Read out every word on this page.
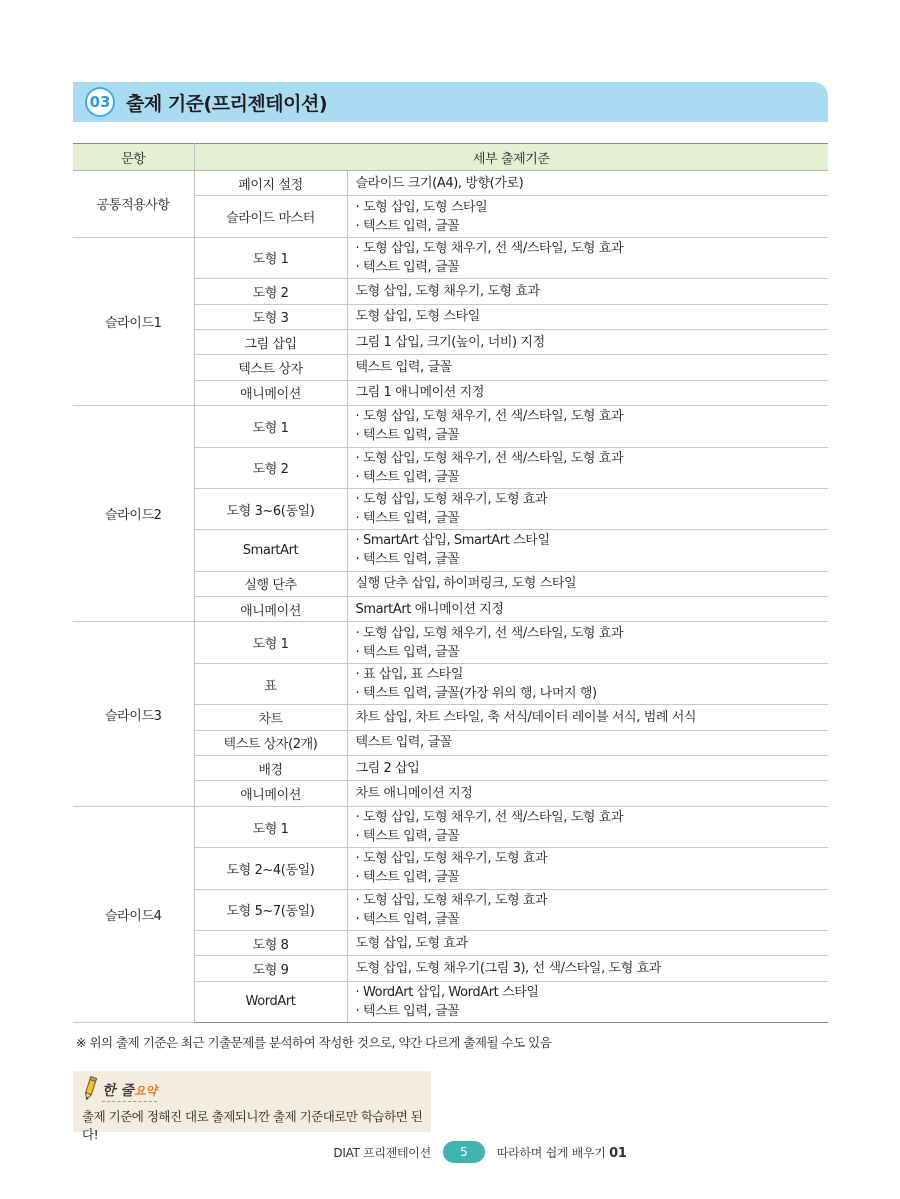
03 출제 기준(프리젠테이션)
문항	세부 출제기준	
공통적용사항	페이지 설정	슬라이드 크기(A4), 방향(가로)

	슬라이드 마스터	· 도형 삽입, 도형 스타일
· 텍스트 입력, 글꼴

슬라이드1	도형 1	· 도형 삽입, 도형 채우기, 선 색/스타일, 도형 효과
· 텍스트 입력, 글꼴

	도형 2	도형 삽입, 도형 채우기, 도형 효과

	도형 3	도형 삽입, 도형 스타일

	그림 삽입	그림 1 삽입, 크기(높이, 너비) 지정

	텍스트 상자	텍스트 입력, 글꼴

	애니메이션	그림 1 애니메이션 지정

슬라이드2	도형 1	· 도형 삽입, 도형 채우기, 선 색/스타일, 도형 효과
· 텍스트 입력, 글꼴

	도형 2	· 도형 삽입, 도형 채우기, 선 색/스타일, 도형 효과
· 텍스트 입력, 글꼴

	도형 3~6(동일)	· 도형 삽입, 도형 채우기, 도형 효과
· 텍스트 입력, 글꼴

	SmartArt	· SmartArt 삽입, SmartArt 스타일
· 텍스트 입력, 글꼴

	실행 단추	실행 단추 삽입, 하이퍼링크, 도형 스타일

	애니메이션	SmartArt 애니메이션 지정

슬라이드3	도형 1	· 도형 삽입, 도형 채우기, 선 색/스타일, 도형 효과
· 텍스트 입력, 글꼴

	표	· 표 삽입, 표 스타일
· 텍스트 입력, 글꼴(가장 위의 행, 나머지 행)

	차트	차트 삽입, 차트 스타일, 축 서식/데이터 레이블 서식, 범례 서식

	텍스트 상자(2개)	텍스트 입력, 글꼴

	배경	그림 2 삽입

	애니메이션	차트 애니메이션 지정

슬라이드4	도형 1	· 도형 삽입, 도형 채우기, 선 색/스타일, 도형 효과
· 텍스트 입력, 글꼴

	도형 2~4(동일)	· 도형 삽입, 도형 채우기, 도형 효과
· 텍스트 입력, 글꼴

	도형 5~7(동일)	· 도형 삽입, 도형 채우기, 도형 효과
· 텍스트 입력, 글꼴

	도형 8	도형 삽입, 도형 효과

	도형 9	도형 삽입, 도형 채우기(그림 3), 선 색/스타일, 도형 효과

	WordArt	· WordArt 삽입, WordArt 스타일
· 텍스트 입력, 글꼴
※ 위의 출제 기준은 최근 기출문제를 분석하여 작성한 것으로, 약간 다르게 출제될 수도 있음
한 줄요약
출제 기준에 정해진 대로 출제되니깐 출제 기준대로만 학습하면 된다!
DIAT 프리젠테이션	5	따라하며 쉽게 배우기 01
